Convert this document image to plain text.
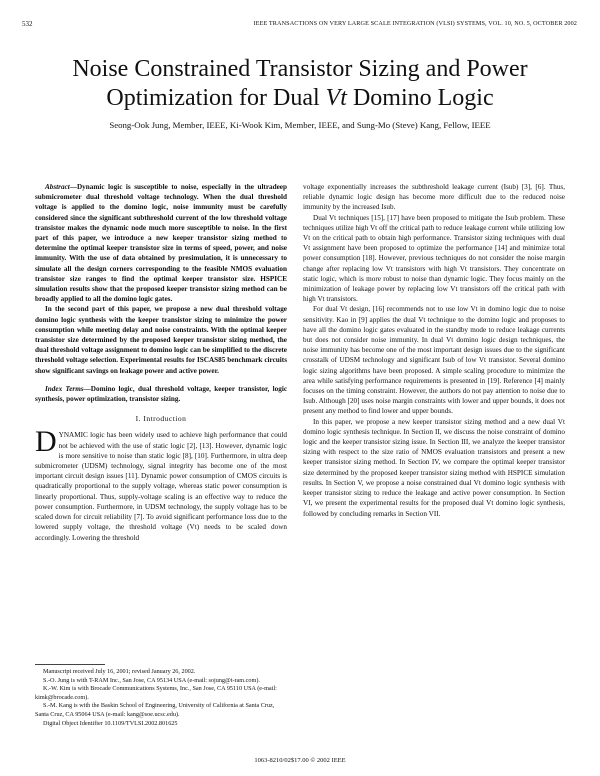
532	IEEE TRANSACTIONS ON VERY LARGE SCALE INTEGRATION (VLSI) SYSTEMS, VOL. 10, NO. 5, OCTOBER 2002
Noise Constrained Transistor Sizing and Power
Optimization for Dual Vt Domino Logic
Seong-Ook Jung, Member, IEEE, Ki-Wook Kim, Member, IEEE, and Sung-Mo (Steve) Kang, Fellow, IEEE

Abstract—Dynamic logic is susceptible to noise, especially in the ultradeep submicrometer dual threshold voltage technology. When the dual threshold voltage is applied to the domino logic, noise immunity must be carefully considered since the significant subthreshold current of the low threshold voltage transistor makes the dynamic node much more susceptible to noise. In the first part of this paper, we introduce a new keeper transistor sizing method to determine the optimal keeper transistor size in terms of speed, power, and noise immunity. With the use of data obtained by presimulation, it is unnecessary to simulate all the design corners corresponding to the feasible NMOS evaluation transistor size ranges to find the optimal keeper transistor size. HSPICE simulation results show that the proposed keeper transistor sizing method can be broadly applied to all the domino logic gates.

In the second part of this paper, we propose a new dual threshold voltage domino logic synthesis with the keeper transistor sizing to minimize the power consumption while meeting delay and noise constraints. With the optimal keeper transistor size determined by the proposed keeper transistor sizing method, the dual threshold voltage assignment to domino logic can be simplified to the discrete threshold voltage selection. Experimental results for ISCAS85 benchmark circuits show significant savings on leakage power and active power.

Index Terms—Domino logic, dual threshold voltage, keeper transistor, logic synthesis, power optimization, transistor sizing.

I. Introduction

DYNAMIC logic has been widely used to achieve high performance that could not be achieved with the use of static logic [2], [13]. However, dynamic logic is more sensitive to noise than static logic [8], [10]. Furthermore, in ultra deep submicrometer (UDSM) technology, signal integrity has become one of the most important circuit design issues [11]. Dynamic power consumption of CMOS circuits is quadratically proportional to the supply voltage, whereas static power consumption is linearly proportional. Thus, supply-voltage scaling is an effective way to reduce the power consumption. Furthermore, in UDSM technology, the supply voltage has to be scaled down for circuit reliability [7]. To avoid significant performance loss due to the lowered supply voltage, the threshold voltage (Vt) needs to be scaled down accordingly. Lowering the threshold

voltage exponentially increases the subthreshold leakage current (Isub) [3], [6]. Thus, reliable dynamic logic design has become more difficult due to the reduced noise immunity by the increased Isub.

Dual Vt techniques [15], [17] have been proposed to mitigate the Isub problem. These techniques utilize high Vt off the critical path to reduce leakage current while utilizing low Vt on the critical path to obtain high performance. Transistor sizing techniques with dual Vt assignment have been proposed to optimize the performance [14] and minimize total power consumption [18]. However, previous techniques do not consider the noise margin change after replacing low Vt transistors with high Vt transistors. They concentrate on static logic, which is more robust to noise than dynamic logic. They focus mainly on the minimization of leakage power by replacing low Vt transistors off the critical path with high Vt transistors.

For dual Vt design, [16] recommends not to use low Vt in domino logic due to noise sensitivity. Kao in [9] applies the dual Vt technique to the domino logic and proposes to have all the domino logic gates evaluated in the standby mode to reduce leakage currents but does not consider noise immunity. In dual Vt domino logic design techniques, the noise immunity has become one of the most important design issues due to the significant crosstalk of UDSM technology and significant Isub of low Vt transistor. Several domino logic sizing algorithms have been proposed. A simple scaling procedure to minimize the area while satisfying performance requirements is presented in [19]. Reference [4] mainly focuses on the timing constraint. However, the authors do not pay attention to noise due to Isub. Although [20] uses noise margin constraints with lower and upper bounds, it does not present any method to find lower and upper bounds.

In this paper, we propose a new keeper transistor sizing method and a new dual Vt domino logic synthesis technique. In Section II, we discuss the noise constraint of domino logic and the keeper transistor sizing issue. In Section III, we analyze the keeper transistor sizing with respect to the size ratio of NMOS evaluation transistors and present a new keeper transistor sizing method. In Section IV, we compare the optimal keeper transistor size determined by the proposed keeper transistor sizing method with HSPICE simulation results. In Section V, we propose a noise constrained dual Vt domino logic synthesis with keeper transistor sizing to reduce the leakage and active power consumption. In Section VI, we present the experimental results for the proposed dual Vt domino logic synthesis, followed by concluding remarks in Section VII.

Manuscript received July 16, 2001; revised January 26, 2002.

S.-O. Jung is with T-RAM Inc., San Jose, CA 95134 USA (e-mail: sojung@t-ram.com).

K.-W. Kim is with Brocade Communications Systems, Inc., San Jose, CA 95110 USA (e-mail: kimk@brocade.com).

S.-M. Kang is with the Baskin School of Engineering, University of California at Santa Cruz, Santa Cruz, CA 95064 USA (e-mail: kang@soe.ucsc.edu).

Digital Object Identifier 10.1109/TVLSI.2002.801625

1063-8210/02$17.00 © 2002 IEEE
